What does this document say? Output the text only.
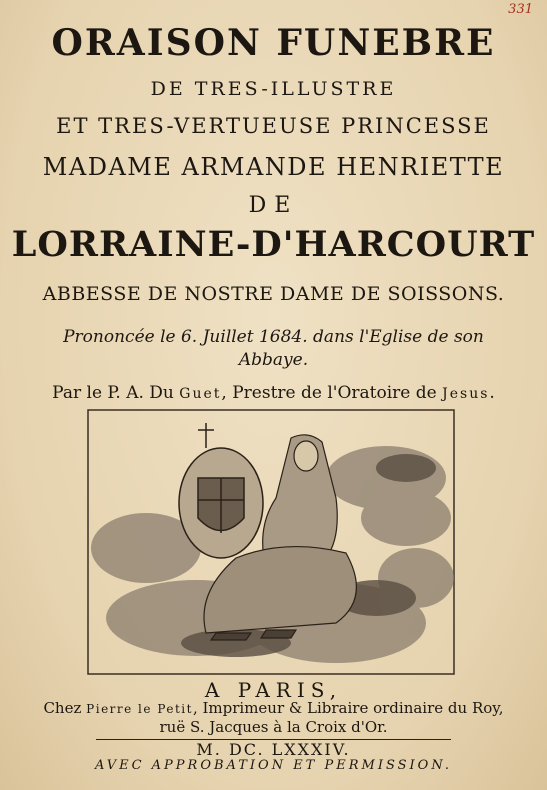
331
ORAISON FUNEBRE
DE TRES-ILLUSTRE
ET TRES-VERTUEUSE PRINCESSE
MADAME ARMANDE HENRIETTE
DE
LORRAINE-D'HARCOURT
ABBESSE DE NOSTRE DAME DE SOISSONS.
Prononcée le 6. Juillet 1684. dans l'Eglise de son
Abbaye.
Par le P. A. Du Guet, Prestre de l'Oratoire de Jesus.
A PARIS,
Chez Pierre le Petit, Imprimeur & Libraire ordinaire du Roy,
ruë S. Jacques à la Croix d'Or.
M. DC. LXXXIV.
AVEC APPROBATION ET PERMISSION.
